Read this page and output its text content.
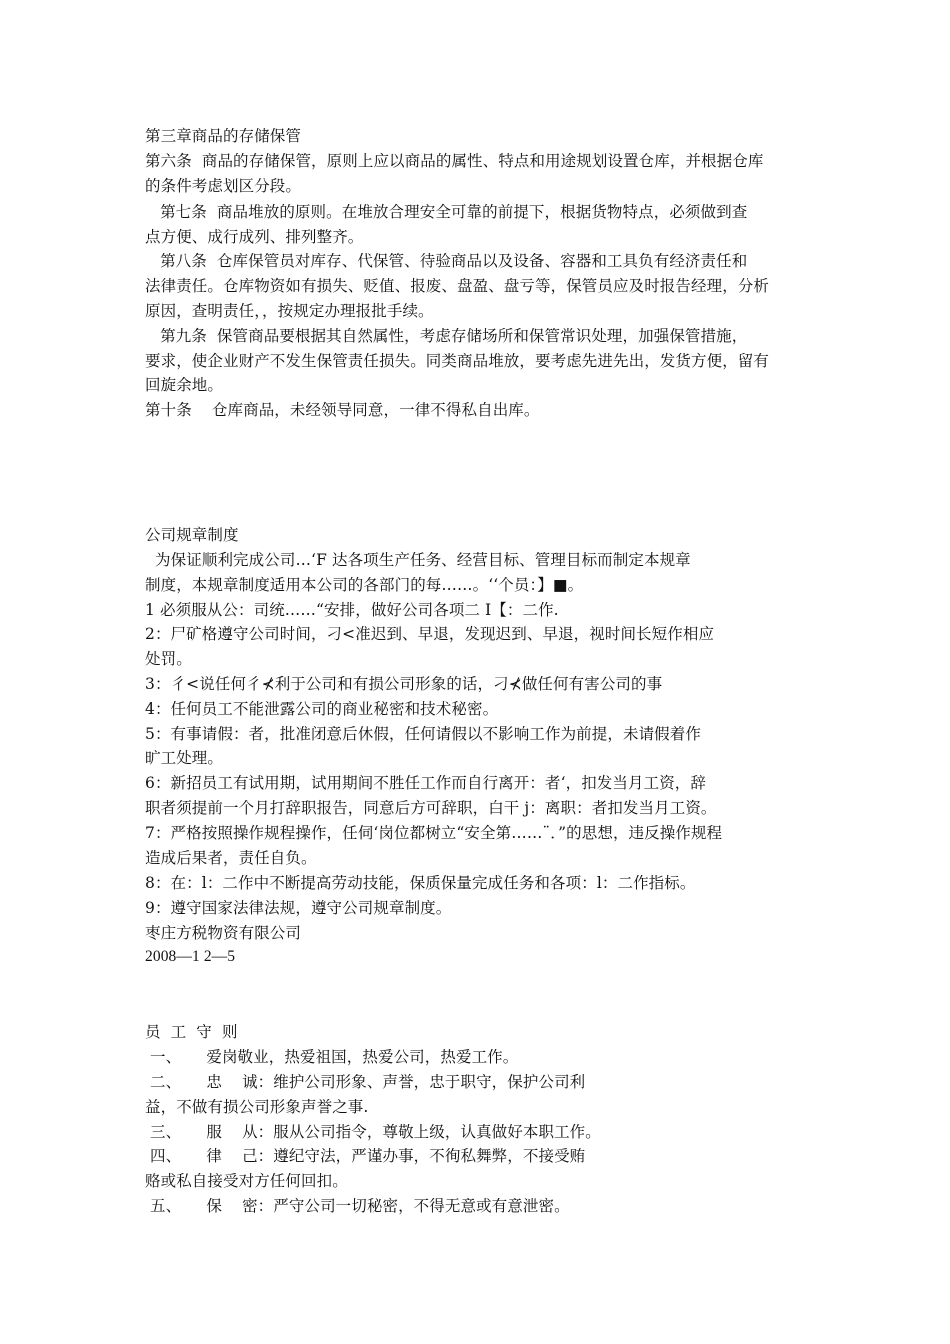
第三章商品的存储保管
第六条  商品的存储保管，原则上应以商品的属性、特点和用途规划设置仓库，并根据仓库
的条件考虑划区分段。
第七条  商品堆放的原则。在堆放合理安全可靠的前提下，根据货物特点，必须做到查
点方便、成行成列、排列整齐。
第八条  仓库保管员对库存、代保管、待验商品以及设备、容器和工具负有经济责任和
法律责任。仓库物资如有损失、贬值、报废、盘盈、盘亏等，保管员应及时报告经理，分析
原因，查明责任，，按规定办理报批手续。
第九条  保管商品要根据其自然属性，考虑存储场所和保管常识处理，加强保管措施，
要求，使企业财产不发生保管责任损失。同类商品堆放，要考虑先进先出，发货方便，留有
回旋余地。
第十条    仓库商品，未经领导同意，一律不得私自出库。
公司规章制度
为保证顺利完成公司…‘F 达各项生产任务、经营目标、管理目标而制定本规章
制度，本规章制度适用本公司的各部门的每……。‘‘个员：】■。
1 必须服从公：司统……“安排，做好公司各项二 I【：二作.
2：尸矿格遵守公司时间，刁<准迟到、早退，发现迟到、早退，视时间长短作相应
处罚。
3：彳<说任何彳⊀利于公司和有损公司形象的话，刁⊀做任何有害公司的事
4：任何员工不能泄露公司的商业秘密和技术秘密。
5：有事请假：者，批准闭意后休假，任何请假以不影响工作为前提，未请假着作
旷工处理。
6：新招员工有试用期，试用期间不胜任工作而自行离开：者‘，扣发当月工资，辞
职者须提前一个月打辞职报告，同意后方可辞职，白干 j：离职：者扣发当月工资。
7：严格按照操作规程操作，任伺‘岗位都树立“安全第……¨．”的思想，违反操作规程
造成后果者，责任自负。
8：在：l：二作中不断提高劳动技能，保质保量完成任务和各项：l：二作指标。
9：遵守国家法律法规，遵守公司规章制度。
枣庄方税物资有限公司
2008—1 2—5
员  工  守  则
一、     爱岗敬业，热爱祖国，热爱公司，热爱工作。
二、     忠    诚：维护公司形象、声誉，忠于职守，保护公司利
益，不做有损公司形象声誉之事.
三、     服    从：服从公司指令，尊敬上级，认真做好本职工作。
四、     律    己：遵纪守法，严谨办事，不徇私舞弊，不接受贿
赂或私自接受对方任何回扣。
五、     保    密：严守公司一切秘密，不得无意或有意泄密。
